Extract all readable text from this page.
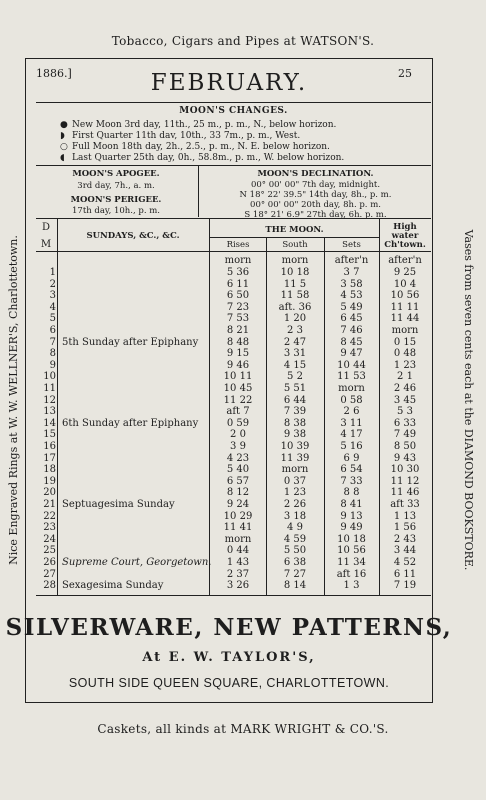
Tobacco, Cigars and Pipes at WATSON'S.
Nice Engraved Rings at W. W. WELLNER'S, Charlottetown.	Vases from seven cents each at the DIAMOND BOOKSTORE.
1886.]	25
FEBRUARY.
MOON'S CHANGES.
● New Moon 3rd day, 11th., 25 m., p. m., N., below horizon.
◗ First Quarter 11th dav, 10th., 33 7m., p. m., West.
○ Full Moon 18th day, 2h., 2.5., p. m., N. E. below horizon.
◖ Last Quarter 25th day, 0h., 58.8m., p. m., W. below horizon.
MOON'S APOGEE.
3rd day, 7h., a. m.
MOON'S PERIGEE.
17th day, 10h., p. m.
MOON'S DECLINATION.
00° 00' 00" 7th day, midnight.
N 18° 22' 39.5" 14th day, 8h., p. m.
00° 00' 00" 20th day, 8h. p. m.
S 18° 21' 6.9" 27th day, 6h. p. m.
D
M
SUNDAYS, &C., &C.
THE MOON.
Rises	South	Sets
High
water
Ch'town.
morn	morn	after'n	after'n
1	5 36	10 18	3 7	9 25
2	6 11	11 5	3 58	10 4
3	6 50	11 58	4 53	10 56
4	7 23	aft. 36	5 49	11 11
5	7 53	1 20	6 45	11 44
6	8 21	2 3	7 46	morn
7 5th Sunday after Epiphany	8 48	2 47	8 45	0 15
8	9 15	3 31	9 47	0 48
9	9 46	4 15	10 44	1 23
10	10 11	5 2	11 53	2 1
11	10 45	5 51	morn	2 46
12	11 22	6 44	0 58	3 45
13	aft 7	7 39	2 6	5 3
14 6th Sunday after Epiphany	0 59	8 38	3 11	6 33
15	2 0	9 38	4 17	7 49
16	3 9	10 39	5 16	8 50
17	4 23	11 39	6 9	9 43
18	5 40	morn	6 54	10 30
19	6 57	0 37	7 33	11 12
20	8 12	1 23	8 8	11 46
21 Septuagesima Sunday	9 24	2 26	8 41	aft 33
22	10 29	3 18	9 13	1 13
23	11 41	4 9	9 49	1 56
24	morn	4 59	10 18	2 43
25	0 44	5 50	10 56	3 44
26 Supreme Court, Georgetown.	1 43	6 38	11 34	4 52
27	2 37	7 27	aft 16	6 11
28 Sexagesima Sunday	3 26	8 14	1 3	7 19
SILVERWARE, NEW PATTERNS,
At E. W. TAYLOR'S,
SOUTH SIDE QUEEN SQUARE, CHARLOTTETOWN.
Caskets, all kinds at MARK WRIGHT & CO.'S.
